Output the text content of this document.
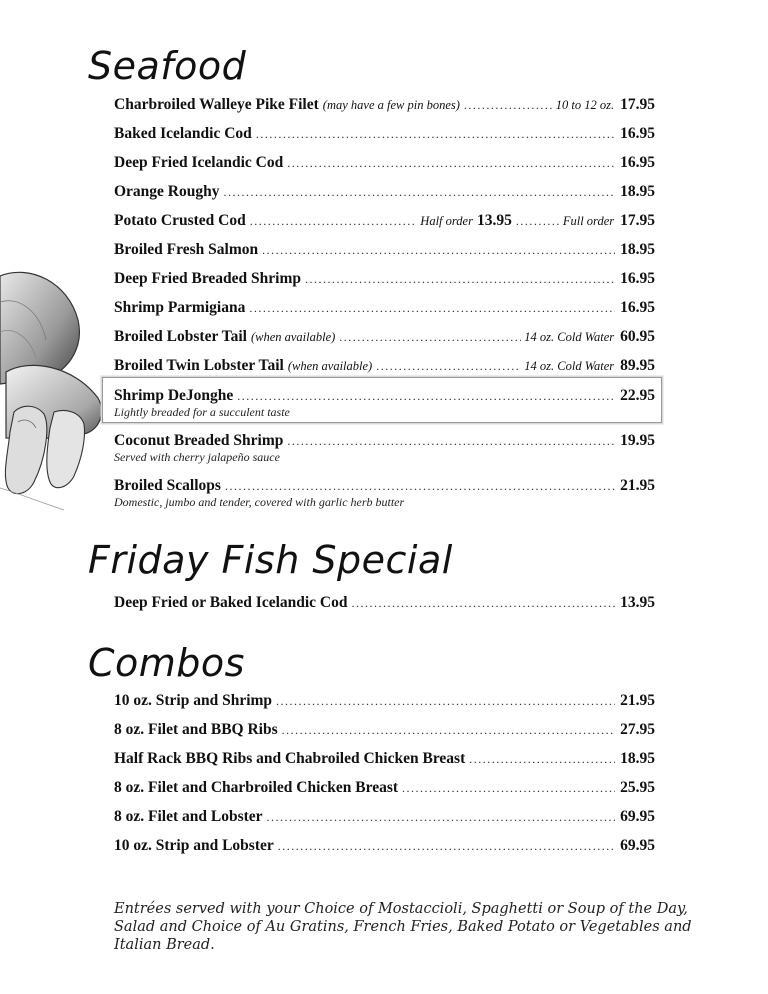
Seafood
Charbroiled Walleye Pike Filet (may have a few pin bones) .....	10 to 12 oz. 17.95
Baked Icelandic Cod .....	16.95
Deep Fried Icelandic Cod .....	16.95
Orange Roughy .....	18.95
Potato Crusted Cod .....	Half order 13.95 .....	Full order 17.95
Broiled Fresh Salmon .....	18.95
Deep Fried Breaded Shrimp .....	16.95
Shrimp Parmigiana .....	16.95
Broiled Lobster Tail (when available) .....	14 oz. Cold Water 60.95
Broiled Twin Lobster Tail (when available) .....	14 oz. Cold Water 89.95
Shrimp DeJonghe .....	22.95
Lightly breaded for a succulent taste
Coconut Breaded Shrimp .....	19.95
Served with cherry jalapeño sauce
Broiled Scallops .....	21.95
Domestic, jumbo and tender, covered with garlic herb butter
Friday Fish Special
Deep Fried or Baked Icelandic Cod .....	13.95
Combos
10 oz. Strip and Shrimp .....	21.95
8 oz. Filet and BBQ Ribs .....	27.95
Half Rack BBQ Ribs and Chabroiled Chicken Breast .....	18.95
8 oz. Filet and Charbroiled Chicken Breast .....	25.95
8 oz. Filet and Lobster .....	69.95
10 oz. Strip and Lobster .....	69.95

Entrées served with your Choice of Mostaccioli, Spaghetti or Soup of the Day, Salad and Choice of Au Gratins, French Fries, Baked Potato or Vegetables and Italian Bread.
